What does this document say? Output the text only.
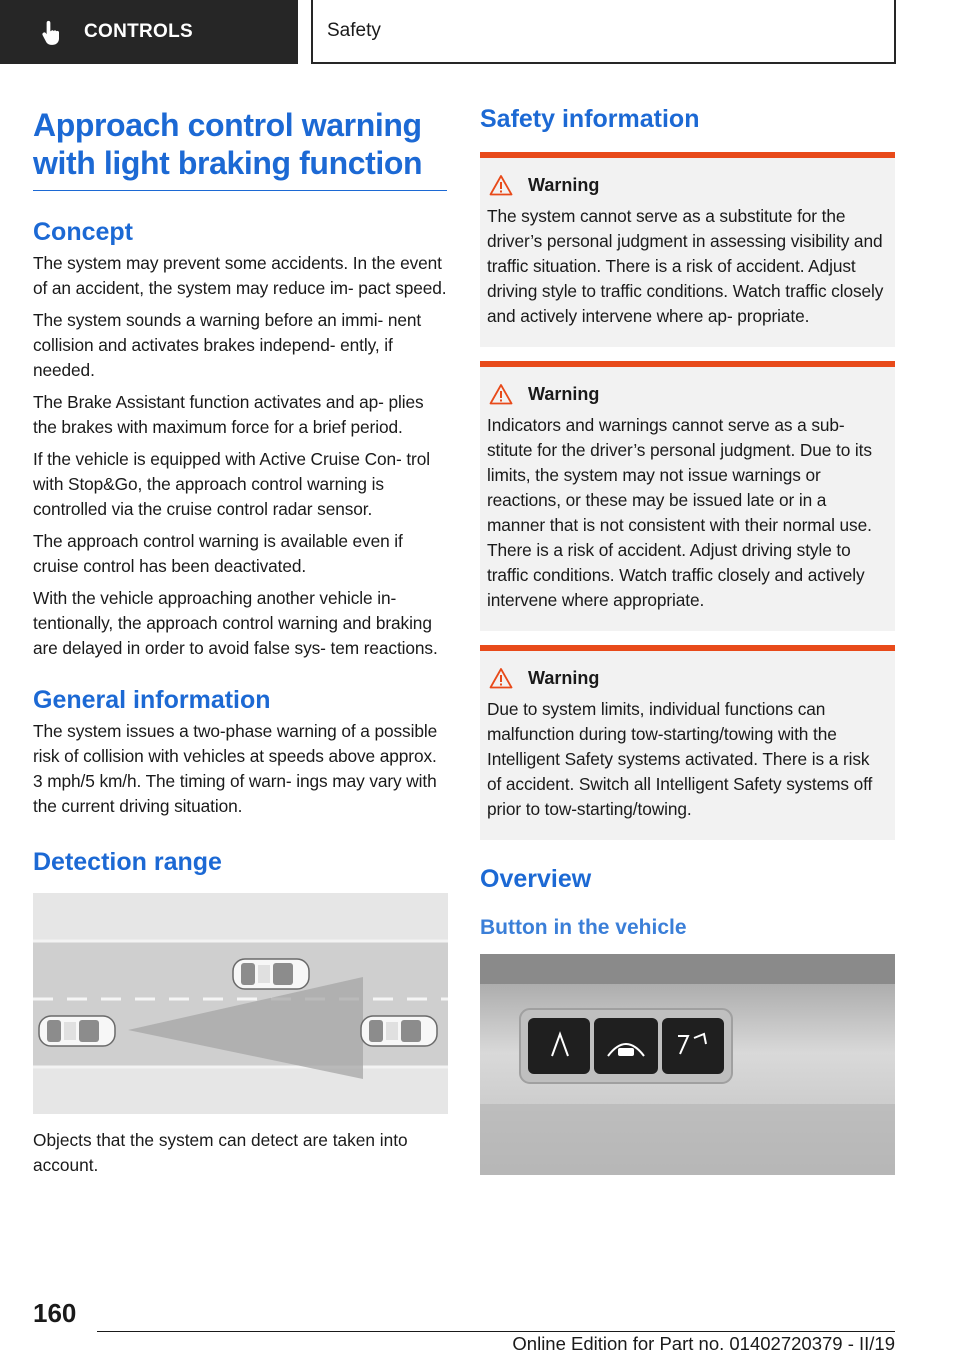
CONTROLS	Safety
Approach control warning with light braking function
Concept

The system may prevent some accidents. In the event of an accident, the system may reduce im‐ pact speed.

The system sounds a warning before an immi‐ nent collision and activates brakes independ‐ ently, if needed.

The Brake Assistant function activates and ap‐ plies the brakes with maximum force for a brief period.

If the vehicle is equipped with Active Cruise Con‐ trol with Stop&Go, the approach control warning is controlled via the cruise control radar sensor.

The approach control warning is available even if cruise control has been deactivated.

With the vehicle approaching another vehicle in‐ tentionally, the approach control warning and braking are delayed in order to avoid false sys‐ tem reactions.

General information

The system issues a two-phase warning of a possible risk of collision with vehicles at speeds above approx. 3 mph/5 km/h. The timing of warn‐ ings may vary with the current driving situation.

Detection range

Objects that the system can detect are taken into account.

Safety information
Warning

The system cannot serve as a substitute for the driver’s personal judgment in assessing visibility and traffic situation. There is a risk of accident. Adjust driving style to traffic conditions. Watch traffic closely and actively intervene where ap‐ propriate.

Warning

Indicators and warnings cannot serve as a sub‐ stitute for the driver’s personal judgment. Due to its limits, the system may not issue warnings or reactions, or these may be issued late or in a manner that is not consistent with their normal use. There is a risk of accident. Adjust driving style to traffic conditions. Watch traffic closely and actively intervene where appropriate.

Warning

Due to system limits, individual functions can malfunction during tow-starting/towing with the Intelligent Safety systems activated. There is a risk of accident. Switch all Intelligent Safety systems off prior to tow-starting/towing.

Overview
Button in the vehicle
160
Online Edition for Part no. 01402720379 - II/19
